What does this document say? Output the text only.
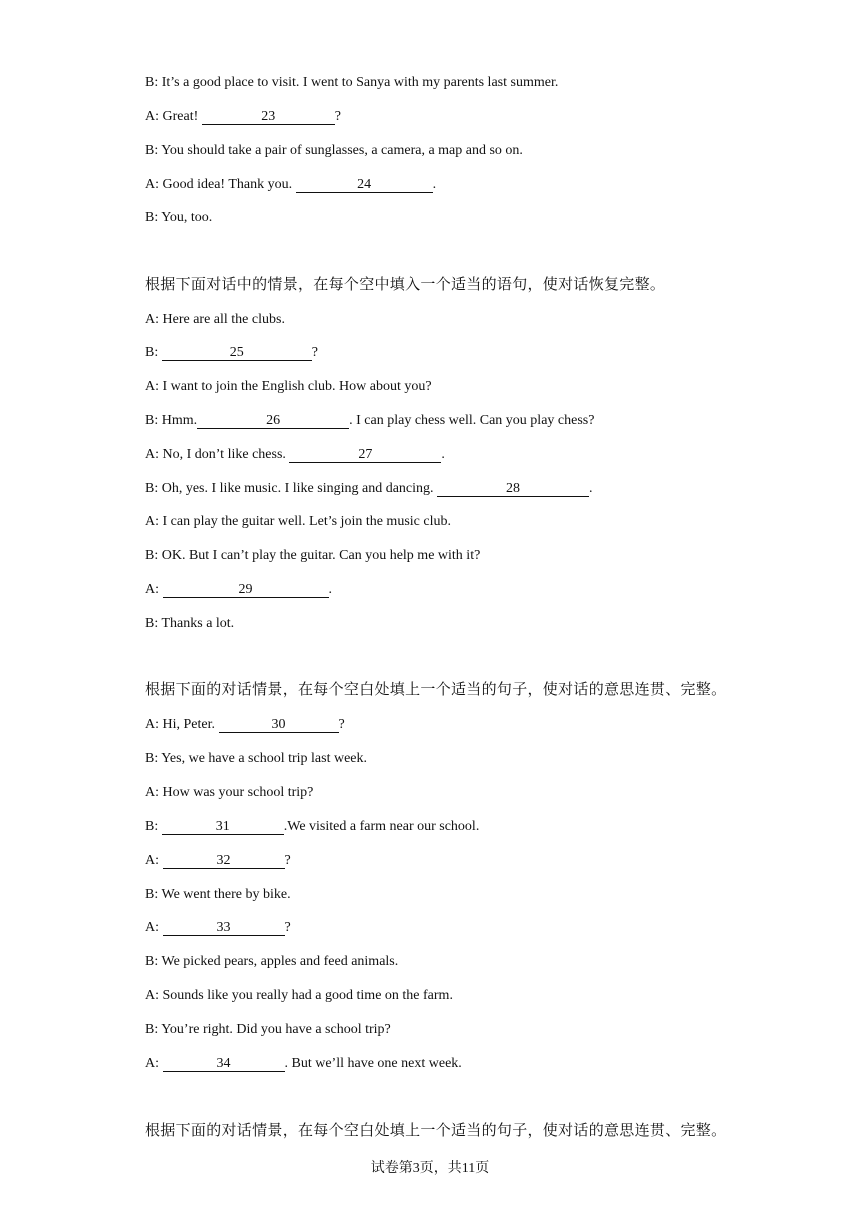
B: It’s a good place to visit. I went to Sanya with my parents last summer.
A: Great!	23	?
B: You should take a pair of sunglasses, a camera, a map and so on.
A: Good idea! Thank you.	24	.
B: You, too.
根据下面对话中的情景，在每个空中填入一个适当的语句，使对话恢复完整。
A: Here are all the clubs.
B:	25	?
A: I want to join the English club. How about you?
B: Hmm.	26	. I can play chess well. Can you play chess?
A: No, I don’t like chess.	27	.
B: Oh, yes. I like music. I like singing and dancing.	28	.
A: I can play the guitar well. Let’s join the music club.
B: OK. But I can’t play the guitar. Can you help me with it?
A:	29	.
B: Thanks a lot.
根据下面的对话情景，在每个空白处填上一个适当的句子，使对话的意思连贯、完整。
A: Hi, Peter.	30	?
B: Yes, we have a school trip last week.
A: How was your school trip?
B:	31	.We visited a farm near our school.
A:	32	?
B: We went there by bike.
A:	33	?
B: We picked pears, apples and feed animals.
A: Sounds like you really had a good time on the farm.
B: You’re right. Did you have a school trip?
A:	34	. But we’ll have one next week.
根据下面的对话情景，在每个空白处填上一个适当的句子，使对话的意思连贯、完整。
试卷第3页，共11页
